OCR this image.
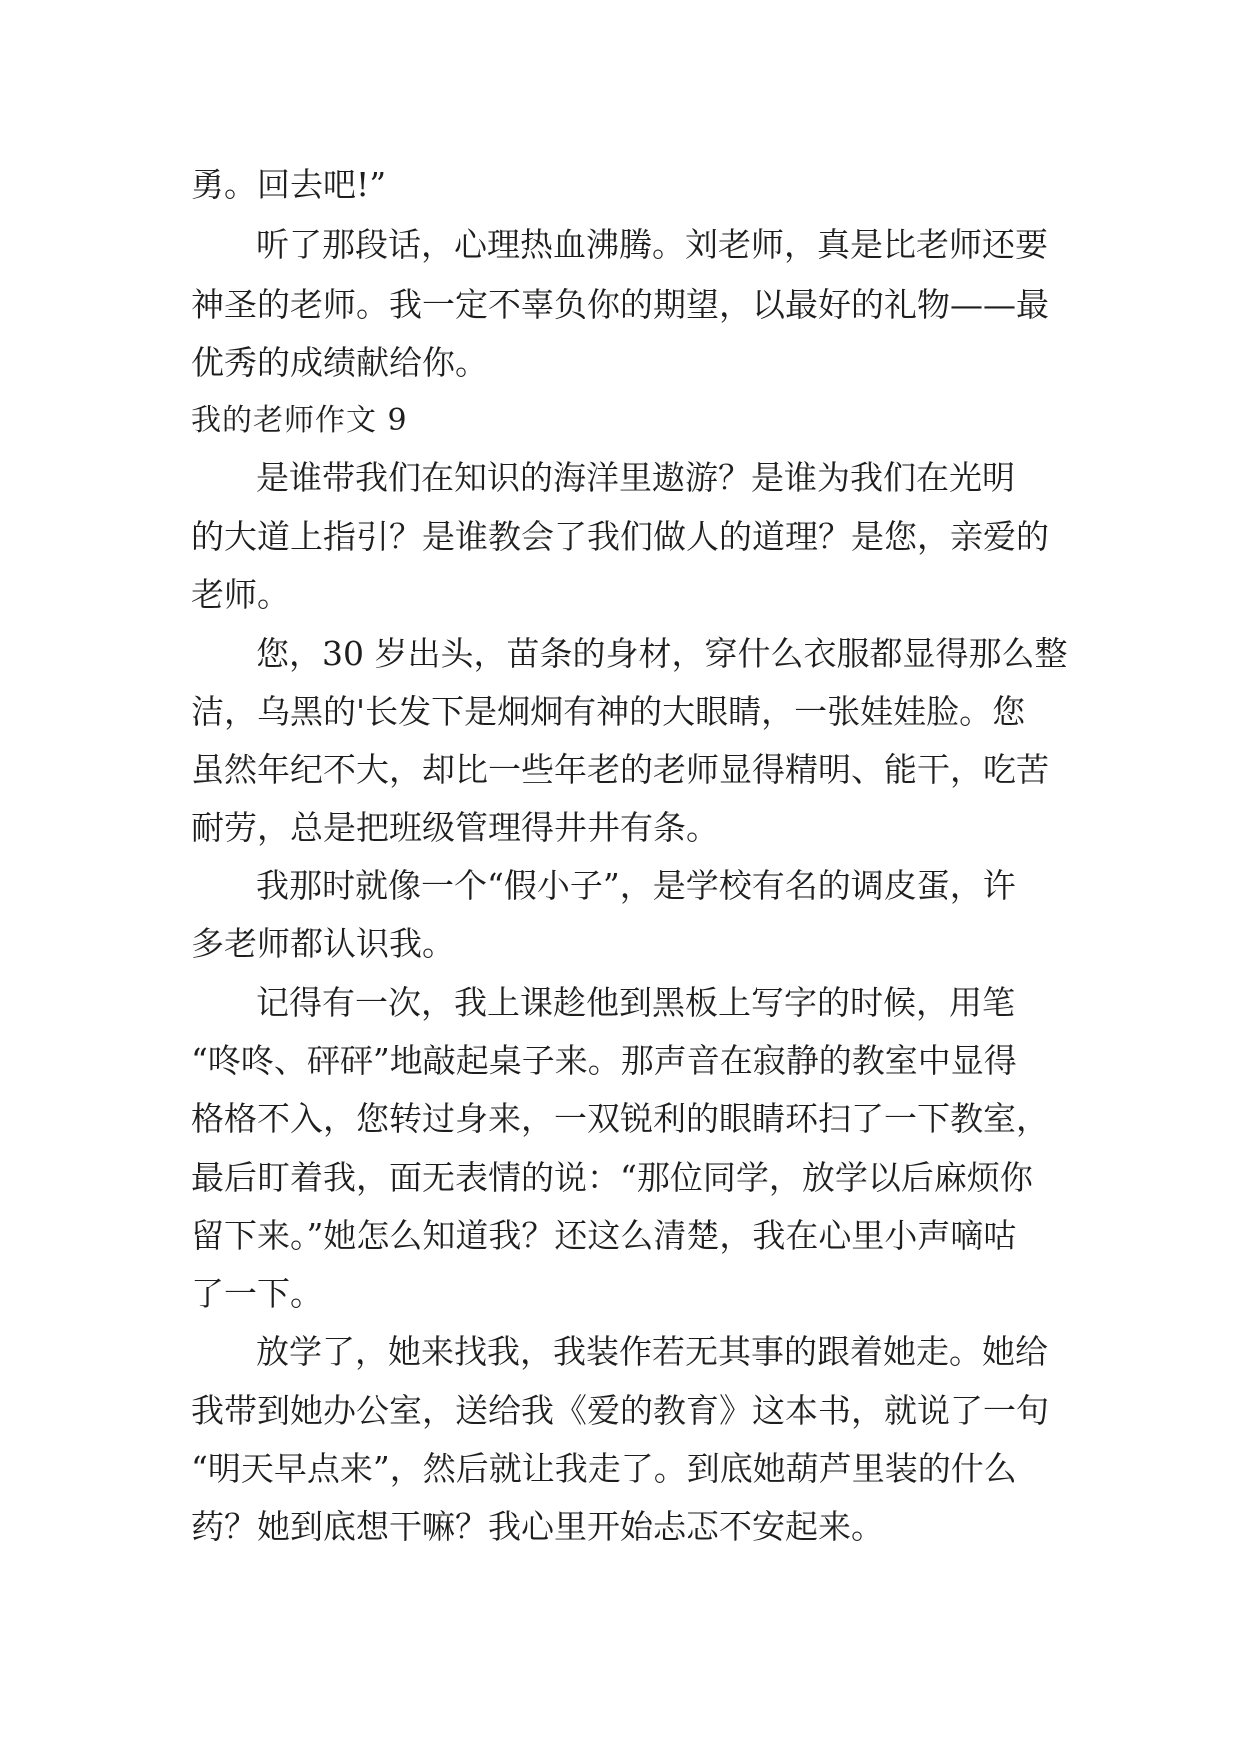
勇。回去吧!”

听了那段话，心理热血沸腾。刘老师，真是比老师还要

神圣的老师。我一定不辜负你的期望，以最好的礼物——最

优秀的成绩献给你。

我的老师作文 9

是谁带我们在知识的海洋里遨游？是谁为我们在光明

的大道上指引？是谁教会了我们做人的道理？是您，亲爱的

老师。

您，30 岁出头，苗条的身材，穿什么衣服都显得那么整

洁，乌黑的'长发下是炯炯有神的大眼睛，一张娃娃脸。您

虽然年纪不大，却比一些年老的老师显得精明、能干，吃苦

耐劳，总是把班级管理得井井有条。

我那时就像一个“假小子”，是学校有名的调皮蛋，许

多老师都认识我。

记得有一次，我上课趁他到黑板上写字的时候，用笔

“咚咚、砰砰”地敲起桌子来。那声音在寂静的教室中显得

格格不入，您转过身来，一双锐利的眼睛环扫了一下教室，

最后盯着我，面无表情的说：“那位同学，放学以后麻烦你

留下来。”她怎么知道我？还这么清楚，我在心里小声嘀咕

了一下。

放学了，她来找我，我装作若无其事的跟着她走。她给

我带到她办公室，送给我《爱的教育》这本书，就说了一句

“明天早点来”，然后就让我走了。到底她葫芦里装的什么

药？她到底想干嘛？我心里开始忐忑不安起来。
